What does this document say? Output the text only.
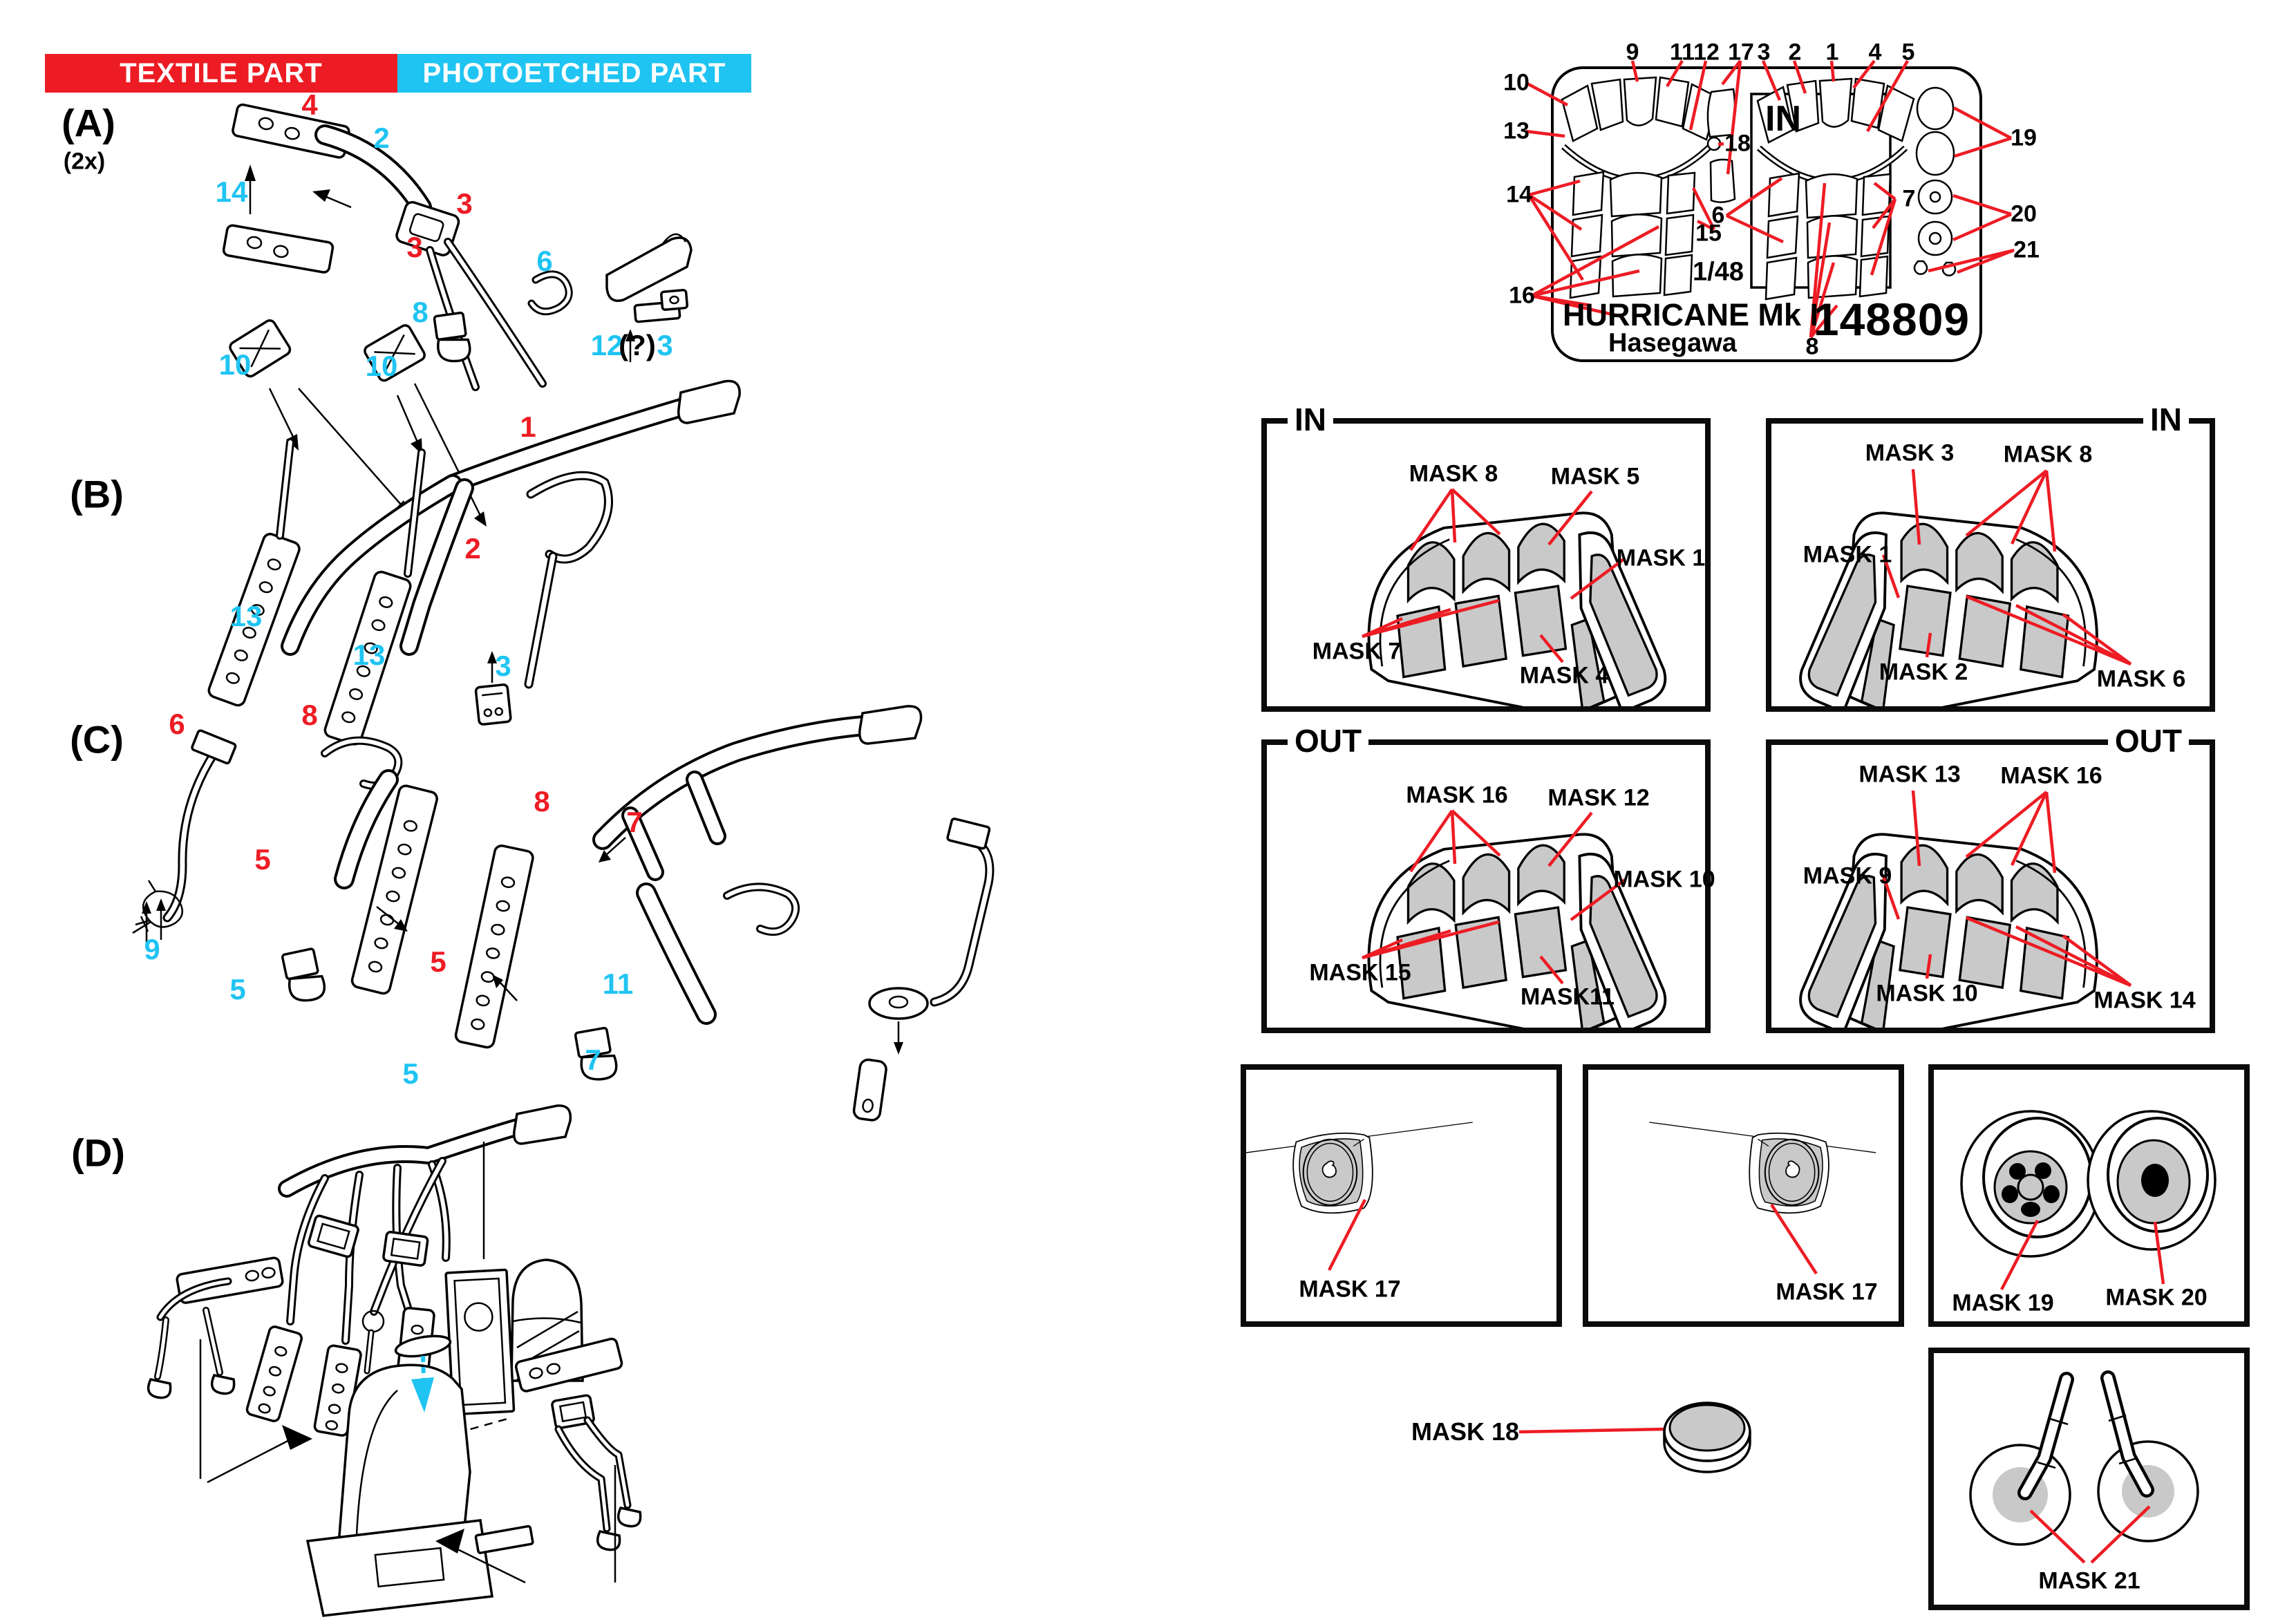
TEXTILE PART	PHOTOETCHED PART
(A)
(2x)
(B)
(C)
(D)
4
2
14	3
3	6
8
12
(?) 3
10	10
1
2
13
13	3
6	8
8
7
5
5
5
5
9
11
7
IN
1/48
HURRICANE Mk I
Hasegawa 148809
9 11
12 17 3 2 1 4 5
10
13
14
16
18
6
15
7
19
20
21
8
IN
MASK 8 MASK 5
MASK 1
MASK 7
MASK 4
IN
MASK 3 MASK 8
MASK 1
MASK 2	MASK 6
OUT
MASK 16 MASK 12
MASK 10
MASK 15
MASK11
OUT
MASK 13 MASK 16
MASK 9
MASK 10	MASK 14
MASK 17	MASK 17	MASK 19 MASK 20
MASK 21
MASK 18
